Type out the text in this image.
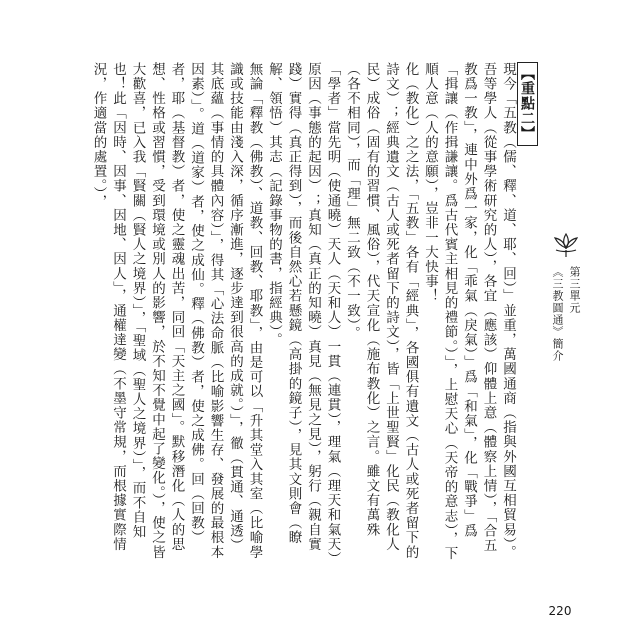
【重點二】

現今「五教（儒、釋、道、耶、回）」並重，萬國通商（指與外國互相貿易）。吾等學人（從事學術研究的人），各宜（應該）仰體上意（體察上情），「合五教爲一教」，連中外爲一家，化「乖氣（戾氣）」爲「和氣」，化「戰爭」爲「揖讓（作揖謙讓。爲古代賓主相見的禮節。）」，上慰天心（天帝的意志），下順人意（人的意願），豈非一大快事！

化（教化）之之法，「五教」各有「經典」，各國俱有遺文（古人或死者留下的詩文）；經典遺文（古人或死者留下的詩文），皆「上世聖賢」化民（教化人民）成俗（固有的習慣、風俗），代天宣化（施布教化）之言。雖文有萬殊（各不相同），而「理」無二致（不一致）。

「學者」當先明（使通曉）天人（天和人）一貫（連貫），理氣（理天和氣天）原因（事態的起因）；真知（真正的知曉）真見（無見之見），躬行（親自實踐）實得（真正得到），而後自然心若懸鏡（高掛的鏡子），見其文則會（瞭解、領悟）其志（記錄事物的書，指經典）。

無論「釋教（佛教）、道教、回教、耶教」，由是可以「升其堂入其室（比喻學識或技能由淺入深，循序漸進，逐步達到很高的成就。）」，徹（貫通、通透）其底蘊（事情的具體內容）」，得其「心法命脈（比喻影響生存、發展的最根本因素）」。道（道家）者，使之成仙。釋（佛教）者，使之成佛。回（回教）者，耶（基督教）者，使之靈魂出苦，同回「天主之國」。默移潛化（人的思想、性格或習慣，受到環境或別人的影響，於不知不覺中起了變化。），使之皆大歡喜，已入我「賢關（賢人之境界）」，「聖域（聖人之境界）」，而不自知也！此「因時、因事、因地、因人」，通權達變（不墨守常規，而根據實際情況，作適當的處置。），

第三單元
《三教圓通》簡介
220
